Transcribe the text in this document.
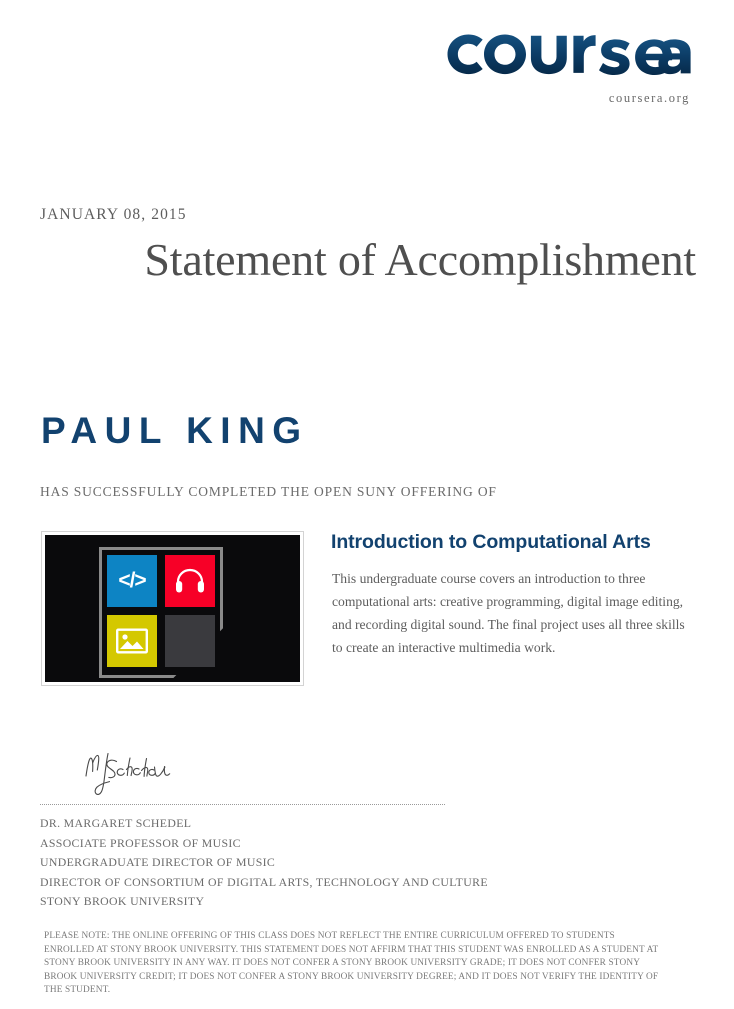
coursera.org
JANUARY 08, 2015
Statement of Accomplishment
PAUL KING
HAS SUCCESSFULLY COMPLETED THE OPEN SUNY OFFERING OF
</>
Introduction to Computational Arts
This undergraduate course covers an introduction to three computational arts: creative programming, digital image editing, and recording digital sound. The final project uses all three skills to create an interactive multimedia work.
DR. MARGARET SCHEDEL
ASSOCIATE PROFESSOR OF MUSIC
UNDERGRADUATE DIRECTOR OF MUSIC
DIRECTOR OF CONSORTIUM OF DIGITAL ARTS, TECHNOLOGY AND CULTURE
STONY BROOK UNIVERSITY
PLEASE NOTE: THE ONLINE OFFERING OF THIS CLASS DOES NOT REFLECT THE ENTIRE CURRICULUM OFFERED TO STUDENTS ENROLLED AT STONY BROOK UNIVERSITY. THIS STATEMENT DOES NOT AFFIRM THAT THIS STUDENT WAS ENROLLED AS A STUDENT AT STONY BROOK UNIVERSITY IN ANY WAY. IT DOES NOT CONFER A STONY BROOK UNIVERSITY GRADE; IT DOES NOT CONFER STONY BROOK UNIVERSITY CREDIT; IT DOES NOT CONFER A STONY BROOK UNIVERSITY DEGREE; AND IT DOES NOT VERIFY THE IDENTITY OF THE STUDENT.
